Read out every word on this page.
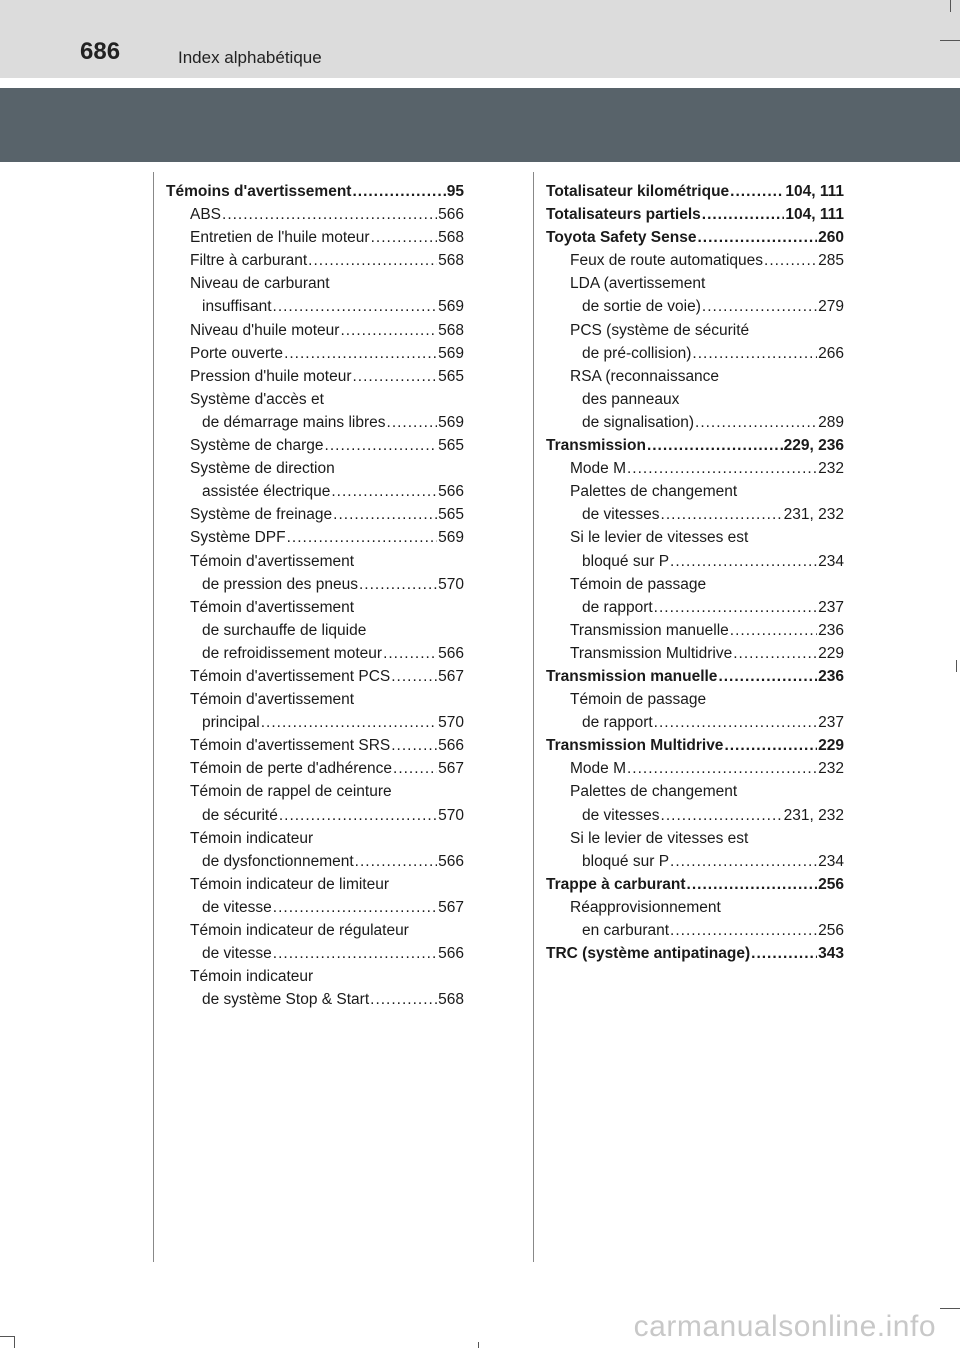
686	Index alphabétique
Témoins d'avertissement .....	95
ABS .....	566
Entretien de l'huile moteur .....	568
Filtre à carburant .....	568
Niveau de carburant
insuffisant .....	569
Niveau d'huile moteur .....	568
Porte ouverte .....	569
Pression d'huile moteur .....	565
Système d'accès et
de démarrage mains libres .....	569
Système de charge .....	565
Système de direction
assistée électrique .....	566
Système de freinage .....	565
Système DPF .....	569
Témoin d'avertissement
de pression des pneus .....	570
Témoin d'avertissement
de surchauffe de liquide
de refroidissement moteur .....	566
Témoin d'avertissement PCS .....	567
Témoin d'avertissement
principal .....	570
Témoin d'avertissement SRS .....	566
Témoin de perte d'adhérence .....	567
Témoin de rappel de ceinture
de sécurité .....	570
Témoin indicateur
de dysfonctionnement .....	566
Témoin indicateur de limiteur
de vitesse .....	567
Témoin indicateur de régulateur
de vitesse .....	566
Témoin indicateur
de système Stop & Start .....	568
Totalisateur kilométrique .....	104, 111
Totalisateurs partiels .....	104, 111
Toyota Safety Sense .....	260
Feux de route automatiques .....	285
LDA (avertissement
de sortie de voie) .....	279
PCS (système de sécurité
de pré-collision) .....	266
RSA (reconnaissance
des panneaux
de signalisation) .....	289
Transmission .....	229, 236
Mode M .....	232
Palettes de changement
de vitesses .....	231, 232
Si le levier de vitesses est
bloqué sur P .....	234
Témoin de passage
de rapport .....	237
Transmission manuelle .....	236
Transmission Multidrive .....	229
Transmission manuelle .....	236
Témoin de passage
de rapport .....	237
Transmission Multidrive .....	229
Mode M .....	232
Palettes de changement
de vitesses .....	231, 232
Si le levier de vitesses est
bloqué sur P .....	234
Trappe à carburant .....	256
Réapprovisionnement
en carburant .....	256
TRC (système antipatinage) .....	343
carmanualsonline.info
